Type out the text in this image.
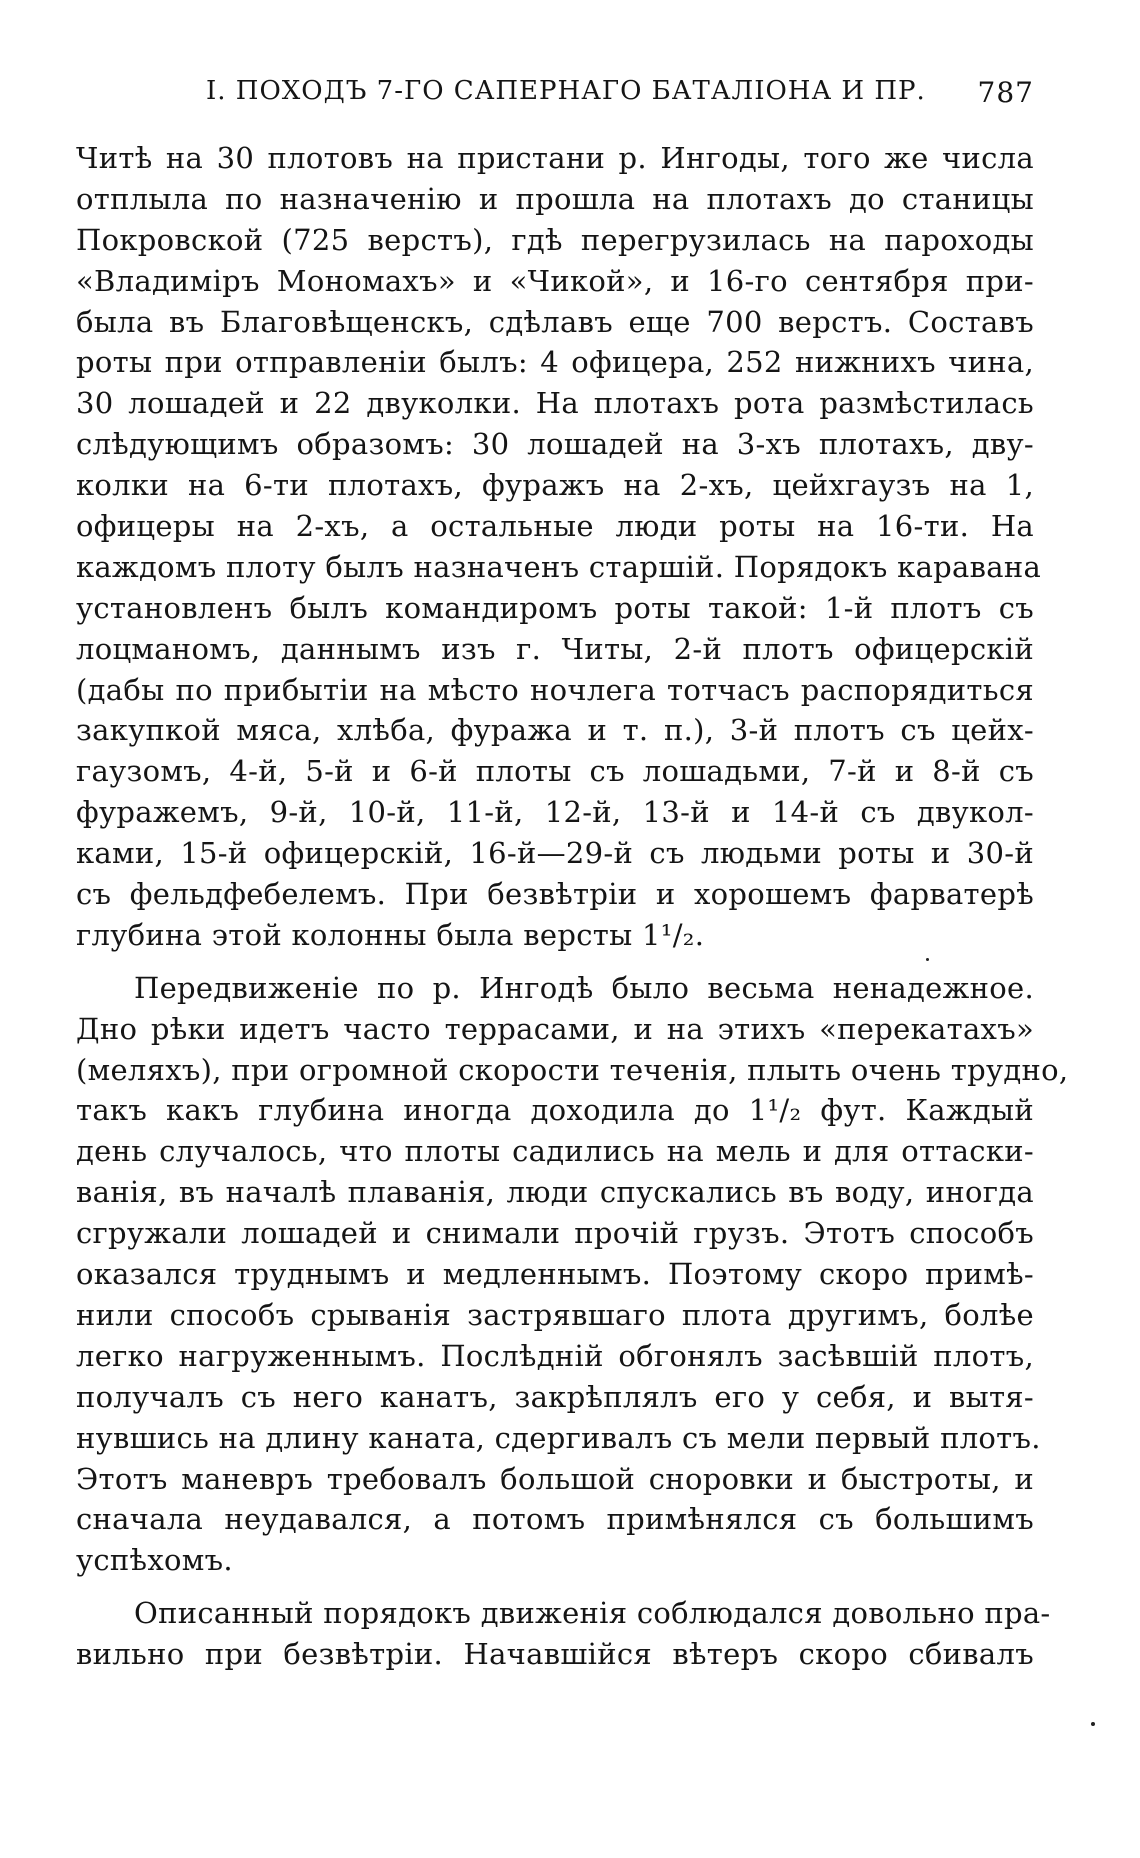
I. ПОХОДЪ 7-ГО САПЕРНАГО БАТАЛІОНА И ПР. 787
Читѣ на 30 плотовъ на пристани р. Ингоды, того же числа
отплыла по назначенію и прошла на плотахъ до станицы
Покровской (725 верстъ), гдѣ перегрузилась на пароходы
«Владиміръ Мономахъ» и «Чикой», и 16-го сентября при-
была въ Благовѣщенскъ, сдѣлавъ еще 700 верстъ. Составъ
роты при отправленіи былъ: 4 офицера, 252 нижнихъ чина,
30 лошадей и 22 двуколки. На плотахъ рота размѣстилась
слѣдующимъ образомъ: 30 лошадей на 3-хъ плотахъ, дву-
колки на 6-ти плотахъ, фуражъ на 2-хъ, цейхгаузъ на 1,
офицеры на 2-хъ, а остальные люди роты на 16-ти. На
каждомъ плоту былъ назначенъ старшій. Порядокъ каравана
установленъ былъ командиромъ роты такой: 1-й плотъ съ
лоцманомъ, даннымъ изъ г. Читы, 2-й плотъ офицерскій
(дабы по прибытіи на мѣсто ночлега тотчасъ распорядиться
закупкой мяса, хлѣба, фуража и т. п.), 3-й плотъ съ цейх-
гаузомъ, 4-й, 5-й и 6-й плоты съ лошадьми, 7-й и 8-й съ
фуражемъ, 9-й, 10-й, 11-й, 12-й, 13-й и 14-й съ двукол-
ками, 15-й офицерскій, 16-й—29-й съ людьми роты и 30-й
съ фельдфебелемъ. При безвѣтріи и хорошемъ фарватерѣ
глубина этой колонны была версты 1¹/₂.
Передвиженіе по р. Ингодѣ было весьма ненадежное.
Дно рѣки идетъ часто террасами, и на этихъ «перекатахъ»
(меляхъ), при огромной скорости теченія, плыть очень трудно,
такъ какъ глубина иногда доходила до 1¹/₂ фут. Каждый
день случалось, что плоты садились на мель и для оттаски-
ванія, въ началѣ плаванія, люди спускались въ воду, иногда
сгружали лошадей и снимали прочій грузъ. Этотъ способъ
оказался труднымъ и медленнымъ. Поэтому скоро примѣ-
нили способъ срыванія застрявшаго плота другимъ, болѣе
легко нагруженнымъ. Послѣдній обгонялъ засѣвшій плотъ,
получалъ съ него канатъ, закрѣплялъ его у себя, и вытя-
нувшись на длину каната, сдергивалъ съ мели первый плотъ.
Этотъ маневръ требовалъ большой сноровки и быстроты, и
сначала неудавался, а потомъ примѣнялся съ большимъ
успѣхомъ.
Описанный порядокъ движенія соблюдался довольно пра-
вильно при безвѣтріи. Начавшійся вѣтеръ скоро сбивалъ
